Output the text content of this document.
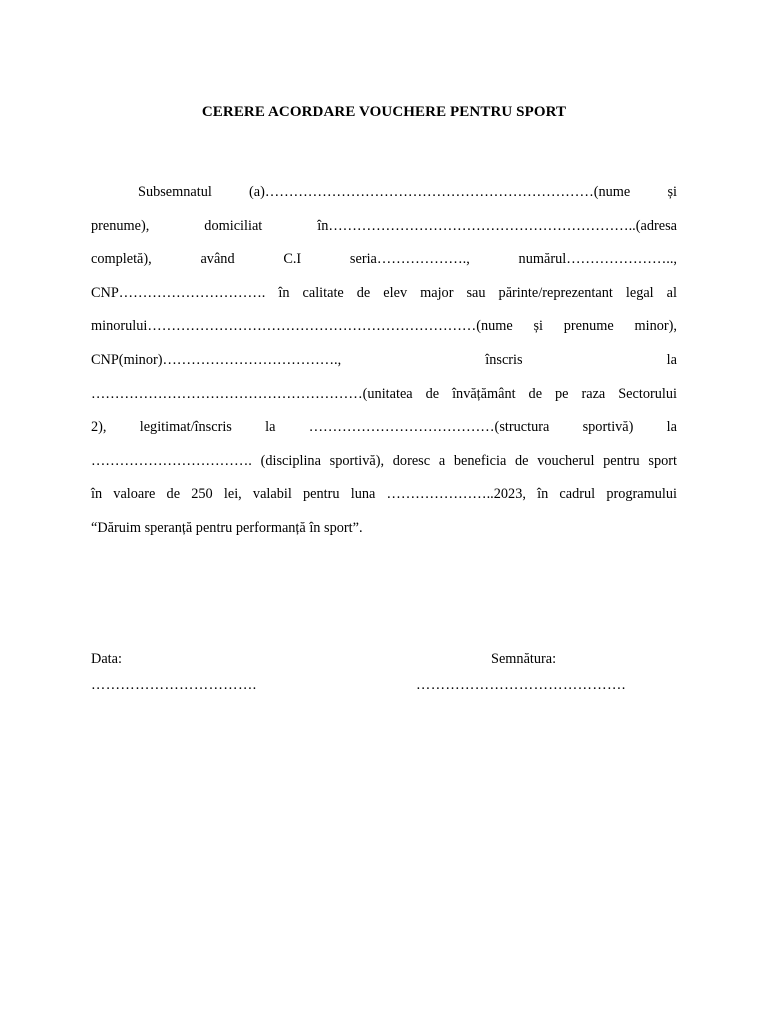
CERERE ACORDARE VOUCHERE PENTRU SPORT
Subsemnatul (a)……………………………………………………………(nume și
prenume), domiciliat în………………………………………………………..(adresa
completă), având C.I seria………………., numărul…………………..,
CNP…………………………. în calitate de elev major sau părinte/reprezentant legal al
minorului……………………………………………………………(nume și prenume minor),
CNP(minor)………………………………., înscris la
…………………………………………………(unitatea de învățământ de pe raza Sectorului
2), legitimat/înscris la …………………………………(structura sportivă) la
……………………………. (disciplina sportivă), doresc a beneficia de voucherul pentru sport
în valoare de 250 lei, valabil pentru luna …………………..2023, în cadrul programului
“Dăruim speranță pentru performanță în sport”.
Data:
…………………………….
Semnătura:
…………………………………….
